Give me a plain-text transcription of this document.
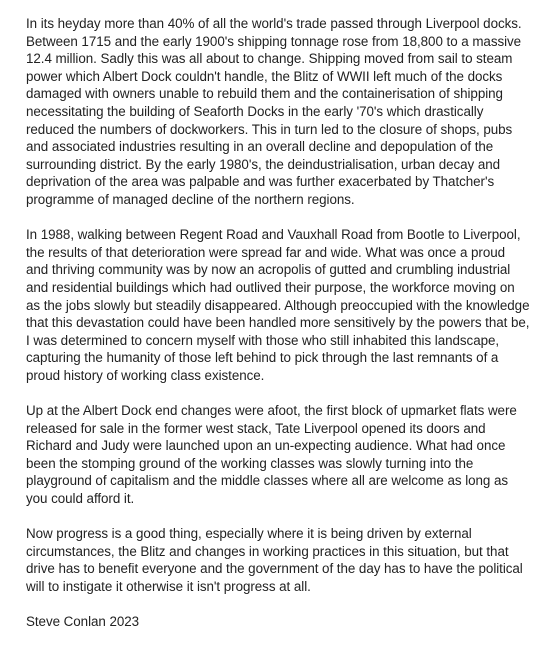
In its heyday more than 40% of all the world's trade passed through Liverpool docks. Between 1715 and the early 1900's shipping tonnage rose from 18,800 to a massive 12.4 million. Sadly this was all about to change. Shipping moved from sail to steam power which Albert Dock couldn't handle, the Blitz of WWII left much of the docks damaged with owners unable to rebuild them and the containerisation of shipping necessitating the building of Seaforth Docks in the early '70's which drastically reduced the numbers of dockworkers. This in turn led to the closure of shops, pubs and associated industries resulting in an overall decline and depopulation of the surrounding district. By the early 1980's, the deindustrialisation, urban decay and deprivation of the area was palpable and was further exacerbated by Thatcher's programme of managed decline of the northern regions.

In 1988, walking between Regent Road and Vauxhall Road from Bootle to Liverpool, the results of that deterioration were spread far and wide. What was once a proud and thriving community was by now an acropolis of gutted and crumbling industrial and residential buildings which had outlived their purpose, the workforce moving on as the jobs slowly but steadily disappeared. Although preoccupied with the knowledge that this devastation could have been handled more sensitively by the powers that be, I was determined to concern myself with those who still inhabited this landscape, capturing the humanity of those left behind to pick through the last remnants of a proud history of working class existence.

Up at the Albert Dock end changes were afoot, the first block of upmarket flats were released for sale in the former west stack, Tate Liverpool opened its doors and Richard and Judy were launched upon an un-expecting audience. What had once been the stomping ground of the working classes was slowly turning into the playground of capitalism and the middle classes where all are welcome as long as you could afford it.

Now progress is a good thing, especially where it is being driven by external circumstances, the Blitz and changes in working practices in this situation, but that drive has to benefit everyone and the government of the day has to have the political will to instigate it otherwise it isn't progress at all.

Steve Conlan 2023
